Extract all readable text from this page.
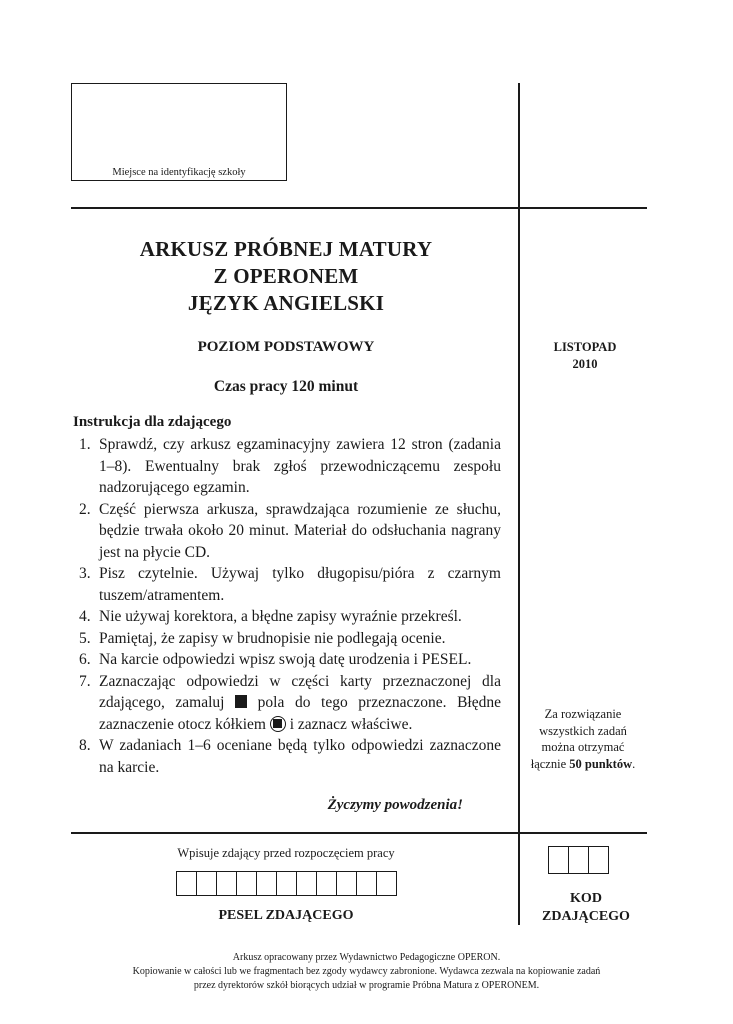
Miejsce na identyfikację szkoły
ARKUSZ PRÓBNEJ MATURY
Z OPERONEM
JĘZYK ANGIELSKI
POZIOM PODSTAWOWY
Czas pracy 120 minut
LISTOPAD
2010
Instrukcja dla zdającego
1. Sprawdź, czy arkusz egzaminacyjny zawiera 12 stron (zadania 1–8). Ewentualny brak zgłoś przewodniczącemu zespołu nadzorującego egzamin.
2. Część pierwsza arkusza, sprawdzająca rozumienie ze słuchu, będzie trwała około 20 minut. Materiał do odsłuchania nagrany jest na płycie CD.
3. Pisz czytelnie. Używaj tylko długopisu/pióra z czarnym tuszem/atramentem.
4. Nie używaj korektora, a błędne zapisy wyraźnie przekreśl.
5. Pamiętaj, że zapisy w brudnopisie nie podlegają ocenie.
6. Na karcie odpowiedzi wpisz swoją datę urodzenia i PESEL.
7. Zaznaczając odpowiedzi w części karty przeznaczonej dla zdającego, zamaluj pola do tego przeznaczone. Błędne zaznaczenie otocz kółkiem i zaznacz właściwe.
8. W zadaniach 1–6 oceniane będą tylko odpowiedzi zaznaczone na karcie.
Życzymy powodzenia!
Za rozwiązanie wszystkich zadań można otrzymać łącznie 50 punktów.
Wpisuje zdający przed rozpoczęciem pracy
PESEL ZDAJĄCEGO
KOD
ZDAJĄCEGO
Arkusz opracowany przez Wydawnictwo Pedagogiczne OPERON.
Kopiowanie w całości lub we fragmentach bez zgody wydawcy zabronione. Wydawca zezwala na kopiowanie zadań
przez dyrektorów szkół biorących udział w programie Próbna Matura z OPERONEM.
